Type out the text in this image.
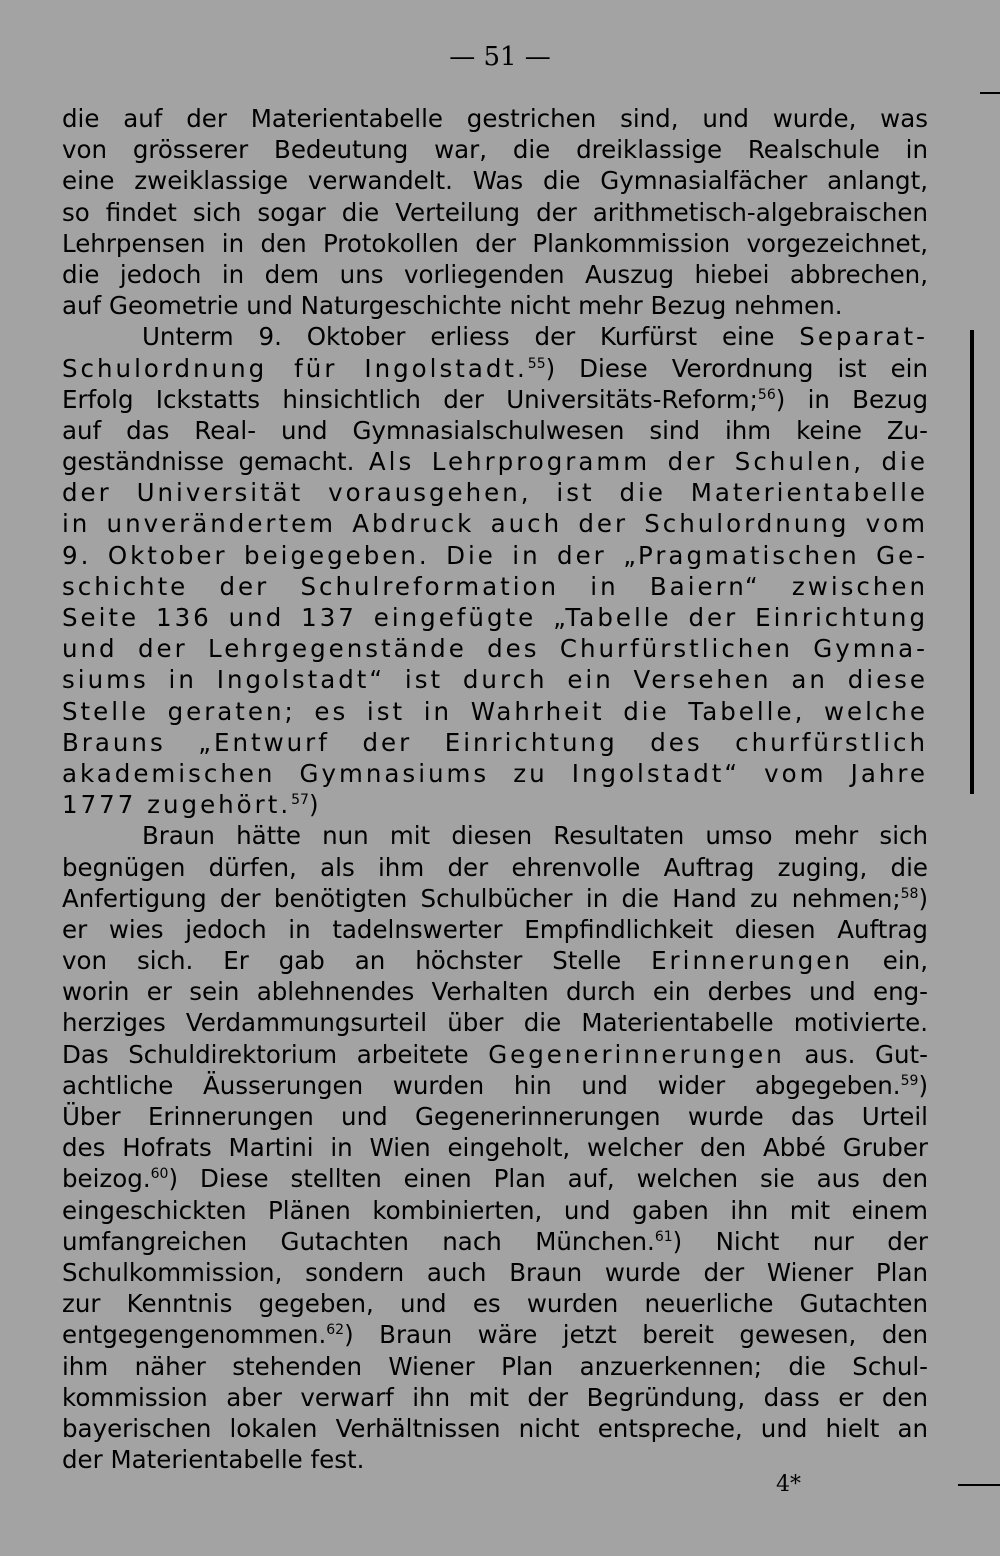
— 51 —
die auf der Materientabelle gestrichen sind, und wurde, was
von grösserer Bedeutung war, die dreiklassige Realschule in
eine zweiklassige verwandelt. Was die Gymnasialfächer anlangt,
so findet sich sogar die Verteilung der arithmetisch-algebraischen
Lehrpensen in den Protokollen der Plankommission vorgezeichnet,
die jedoch in dem uns vorliegenden Auszug hiebei abbrechen,
auf Geometrie und Naturgeschichte nicht mehr Bezug nehmen.
Unterm 9. Oktober erliess der Kurfürst eine Separat-
Schulordnung für Ingolstadt.$^{55}$) Diese Verordnung ist ein
Erfolg Ickstatts hinsichtlich der Universitäts-Reform;$^{56}$) in Bezug
auf das Real- und Gymnasialschulwesen sind ihm keine Zu-
geständnisse gemacht. Als Lehrprogramm der Schulen, die
der Universität vorausgehen, ist die Materientabelle
in unverändertem Abdruck auch der Schulordnung vom
9. Oktober beigegeben. Die in der „Pragmatischen Ge-
schichte der Schulreformation in Baiern“ zwischen
Seite 136 und 137 eingefügte „Tabelle der Einrichtung
und der Lehrgegenstände des Churfürstlichen Gymna-
siums in Ingolstadt“ ist durch ein Versehen an diese
Stelle geraten; es ist in Wahrheit die Tabelle, welche
Brauns „Entwurf der Einrichtung des churfürstlich
akademischen Gymnasiums zu Ingolstadt“ vom Jahre
1777 zugehört.$^{57}$)
Braun hätte nun mit diesen Resultaten umso mehr sich
begnügen dürfen, als ihm der ehrenvolle Auftrag zuging, die
Anfertigung der benötigten Schulbücher in die Hand zu nehmen;$^{58}$)
er wies jedoch in tadelnswerter Empfindlichkeit diesen Auftrag
von sich. Er gab an höchster Stelle Erinnerungen ein,
worin er sein ablehnendes Verhalten durch ein derbes und eng-
herziges Verdammungsurteil über die Materientabelle motivierte.
Das Schuldirektorium arbeitete Gegenerinnerungen aus. Gut-
achtliche Äusserungen wurden hin und wider abgegeben.$^{59}$)
Über Erinnerungen und Gegenerinnerungen wurde das Urteil
des Hofrats Martini in Wien eingeholt, welcher den Abbé Gruber
beizog.$^{60}$) Diese stellten einen Plan auf, welchen sie aus den
eingeschickten Plänen kombinierten, und gaben ihn mit einem
umfangreichen Gutachten nach München.$^{61}$) Nicht nur der
Schulkommission, sondern auch Braun wurde der Wiener Plan
zur Kenntnis gegeben, und es wurden neuerliche Gutachten
entgegengenommen.$^{62}$) Braun wäre jetzt bereit gewesen, den
ihm näher stehenden Wiener Plan anzuerkennen; die Schul-
kommission aber verwarf ihn mit der Begründung, dass er den
bayerischen lokalen Verhältnissen nicht entspreche, und hielt an
der Materientabelle fest.
4*
